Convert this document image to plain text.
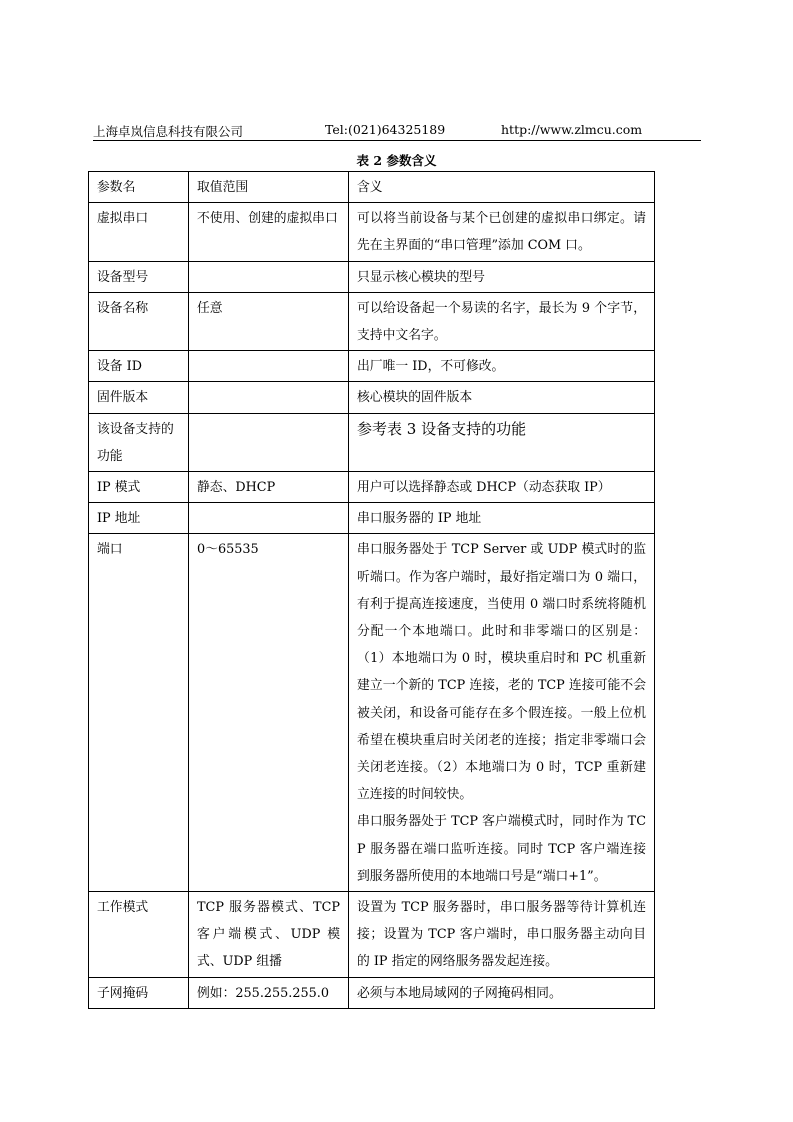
上海卓岚信息科技有限公司	Tel:(021)64325189	http://www.zlmcu.com
表 2 参数含义
参数名	取值范围	含义
虚拟串口	不使用、创建的虚拟串口	可以将当前设备与某个已创建的虚拟串口绑定。请先在主界面的“串口管理”添加 COM 口。
设备型号		只显示核心模块的型号
设备名称	任意	可以给设备起一个易读的名字，最长为 9 个字节，支持中文名字。
设备 ID		出厂唯一 ID，不可修改。
固件版本		核心模块的固件版本
该设备支持的功能		参考表 3 设备支持的功能
IP 模式	静态、DHCP	用户可以选择静态或 DHCP（动态获取 IP）
IP 地址		串口服务器的 IP 地址
端口	0～65535	串口服务器处于 TCP Server 或 UDP 模式时的监听端口。作为客户端时，最好指定端口为 0 端口，有利于提高连接速度，当使用 0 端口时系统将随机分配一个本地端口。此时和非零端口的区别是：（1）本地端口为 0 时，模块重启时和 PC 机重新建立一个新的 TCP 连接，老的 TCP 连接可能不会被关闭，和设备可能存在多个假连接。一般上位机希望在模块重启时关闭老的连接；指定非零端口会关闭老连接。（2）本地端口为 0 时，TCP 重新建立连接的时间较快。
串口服务器处于 TCP 客户端模式时，同时作为 TCP 服务器在端口监听连接。同时 TCP 客户端连接到服务器所使用的本地端口号是“端口+1”。

工作模式	TCP 服务器模式、TCP 客户端模式、UDP 模式、UDP 组播	设置为 TCP 服务器时，串口服务器等待计算机连接；设置为 TCP 客户端时，串口服务器主动向目的 IP 指定的网络服务器发起连接。
子网掩码	例如：255.255.255.0	必须与本地局域网的子网掩码相同。
